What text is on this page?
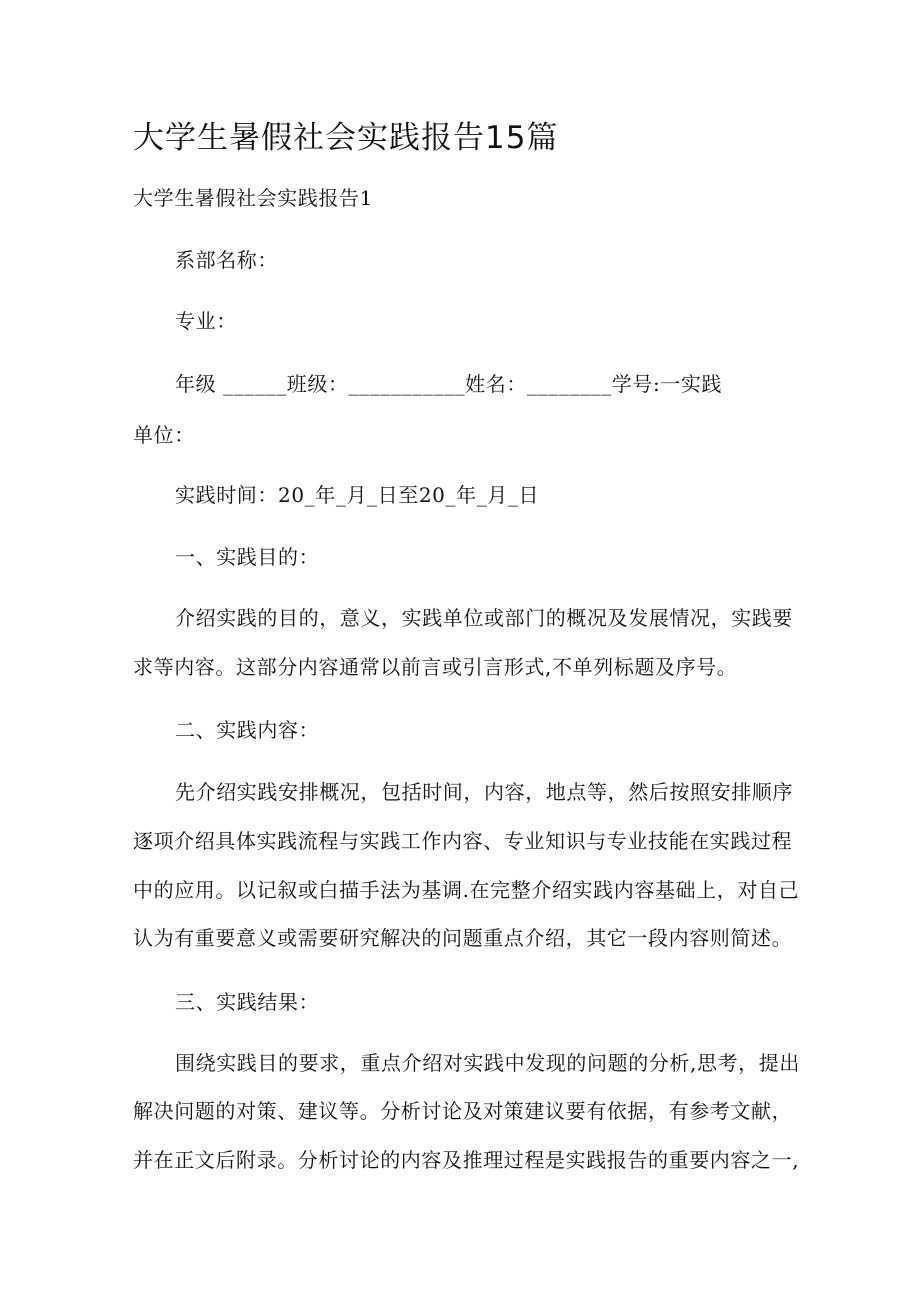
大学生暑假社会实践报告15篇
大学生暑假社会实践报告1
系部名称：
专业：
年级 ______班级：___________姓名：________学号:一实践
单位：
实践时间：20_年_月_日至20_年_月_日
一、实践目的：
介绍实践的目的，意义，实践单位或部门的概况及发展情况，实践要
求等内容。这部分内容通常以前言或引言形式,不单列标题及序号。
二、实践内容：
先介绍实践安排概况，包括时间，内容，地点等，然后按照安排顺序
逐项介绍具体实践流程与实践工作内容、专业知识与专业技能在实践过程
中的应用。以记叙或白描手法为基调.在完整介绍实践内容基础上，对自己
认为有重要意义或需要研究解决的问题重点介绍，其它一段内容则简述。
三、实践结果：
围绕实践目的要求，重点介绍对实践中发现的问题的分析,思考，提出
解决问题的对策、建议等。分析讨论及对策建议要有依据，有参考文献，
并在正文后附录。分析讨论的内容及推理过程是实践报告的重要内容之一,
